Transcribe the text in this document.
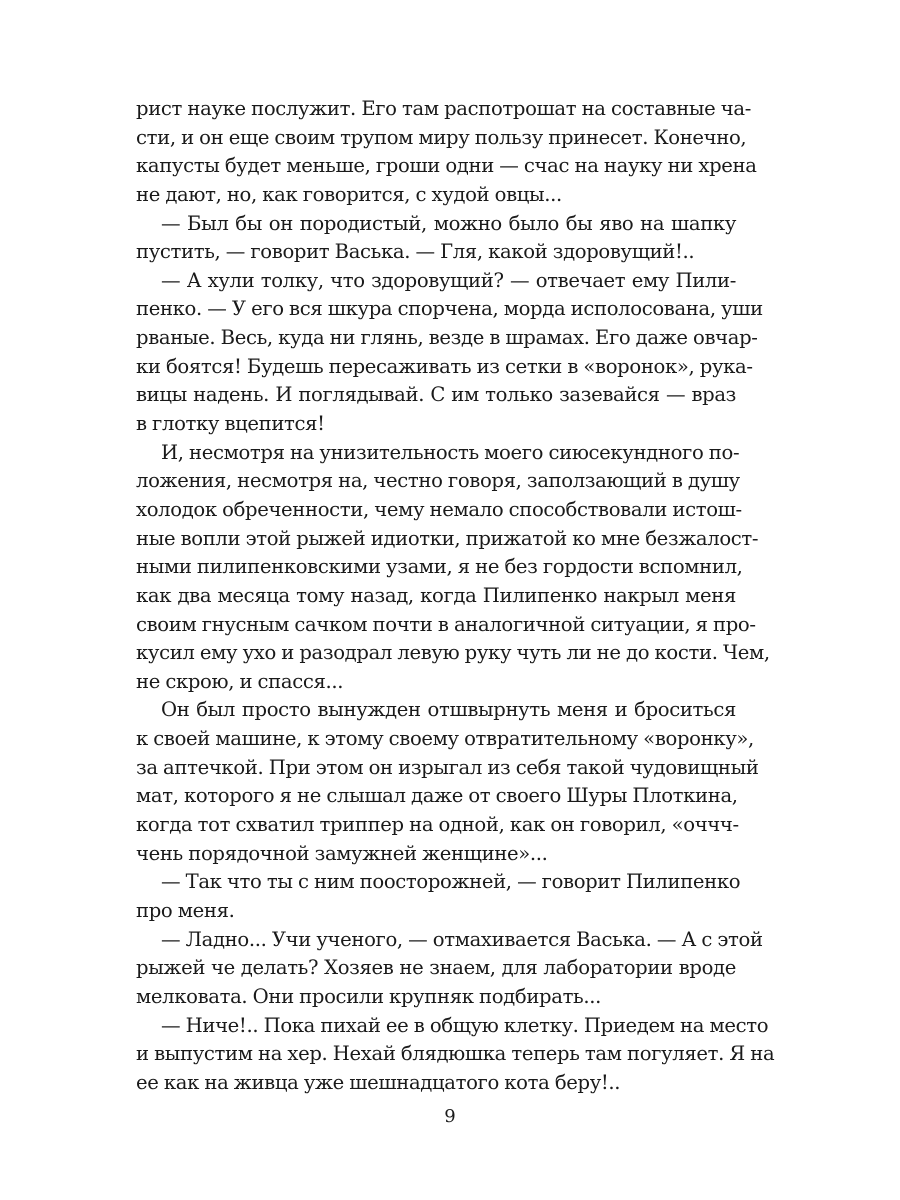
рист науке послужит. Его там распотрошат на составные ча-
сти, и он еще своим трупом миру пользу принесет. Конечно,
капусты будет меньше, гроши одни — счас на науку ни хрена
не дают, но, как говорится, с худой овцы...
— Был бы он породистый, можно было бы яво на шапку
пустить, — говорит Васька. — Гля, какой здоровущий!..
— А хули толку, что здоровущий? — отвечает ему Пили-
пенко. — У его вся шкура спорчена, морда исполосована, уши
рваные. Весь, куда ни глянь, везде в шрамах. Его даже овчар-
ки боятся! Будешь пересаживать из сетки в «воронок», рука-
вицы надень. И поглядывай. С им только зазевайся — враз
в глотку вцепится!
И, несмотря на унизительность моего сиюсекундного по-
ложения, несмотря на, честно говоря, заползающий в душу
холодок обреченности, чему немало способствовали истош-
ные вопли этой рыжей идиотки, прижатой ко мне безжалост-
ными пилипенковскими узами, я не без гордости вспомнил,
как два месяца тому назад, когда Пилипенко накрыл меня
своим гнусным сачком почти в аналогичной ситуации, я про-
кусил ему ухо и разодрал левую руку чуть ли не до кости. Чем,
не скрою, и спасся...
Он был просто вынужден отшвырнуть меня и броситься
к своей машине, к этому своему отвратительному «воронку»,
за аптечкой. При этом он изрыгал из себя такой чудовищный
мат, которого я не слышал даже от своего Шуры Плоткина,
когда тот схватил триппер на одной, как он говорил, «оччч-
чень порядочной замужней женщине»...
— Так что ты с ним поосторожней, — говорит Пилипенко
про меня.
— Ладно... Учи ученого, — отмахивается Васька. — А с этой
рыжей че делать? Хозяев не знаем, для лаборатории вроде
мелковата. Они просили крупняк подбирать...
— Ниче!.. Пока пихай ее в общую клетку. Приедем на место
и выпустим на хер. Нехай блядюшка теперь там погуляет. Я на
ее как на живца уже шешнадцатого кота беру!..
9
